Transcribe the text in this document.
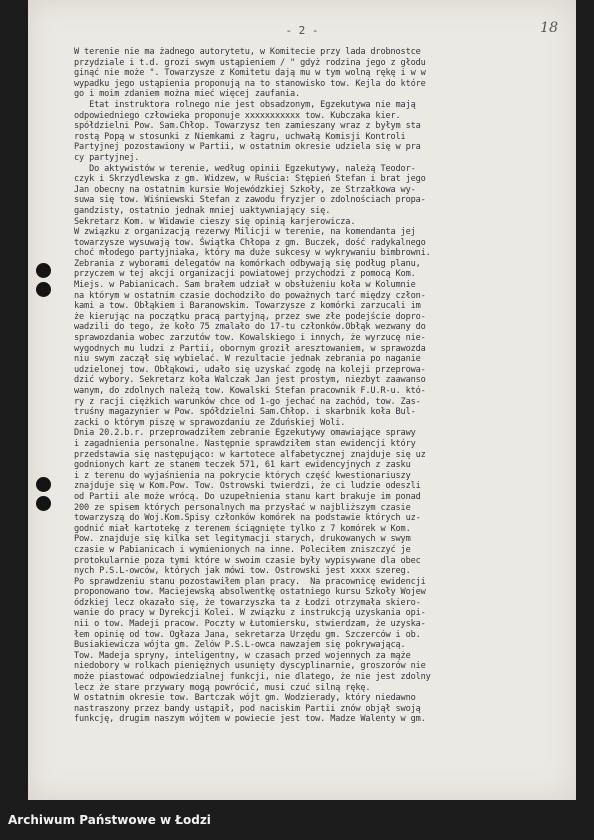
- 2 -	18
W terenie nie ma żadnego autorytetu, w Komitecie przy lada drobnostce
przydziale i t.d. grozi swym ustąpieniem / " gdyż rodzina jego z głodu
ginąć nie może ". Towarzysze z Komitetu dają mu w tym wolną rękę i w w
wypadku jego ustąpienia proponują na to stanowisko tow. Kejla do które
go i moim zdaniem można mieć więcej zaufania.
Etat instruktora rolnego nie jest obsadzonym, Egzekutywa nie mają
odpowiedniego człowieka proponuje xxxxxxxxxxx tow. Kubczaka kier.
spółdzielni Pow. Sam.Chłop. Towarzysz ten zamieszany wraz z byłym sta
rostą Popą w stosunki z Niemkami z łagru, uchwałą Komisji Kontroli
Partyjnej pozostawiony w Partii, w ostatnim okresie udziela się w pra
cy partyjnej.
Do aktywistów w terenie, według opinii Egzekutywy, należą Teodor-
czyk i Skrzydlewska z gm. Widzew, w Ruścia: Stępień Stefan i brat jego
Jan obecny na ostatnim kursie Wojewódzkiej Szkoły, ze Strzałkowa wy-
suwa się tow. Wiśniewski Stefan z zawodu fryzjer o zdolnościach propa-
gandzisty, ostatnio jednak mniej uaktywniający się.
Sekretarz Kom. w Widawie cieszy się opinią karjerowicza.
W związku z organizacją rezerwy Milicji w terenie, na komendanta jej
towarzysze wysuwają tow. Świątka Chłopa z gm. Buczek, dość radykalnego
choć młodego partyjniaka, który ma duże sukcesy w wykrywaniu bimbrowni.
Zebrania z wyborami delegatów na komórkach odbywają się podług planu,
przyczem w tej akcji organizacji powiatowej przychodzi z pomocą Kom.
Miejs. w Pabianicach. Sam brałem udział w obsłużeniu koła w Kolumnie
na którym w ostatnim czasie dochodziło do poważnych tarć między człon-
kami a tow. Obłąkiem i Baranowskim. Towarzysze z komórki zarzucali im
że kierując na początku pracą partyjną, przez swe złe podejście dopro-
wadzili do tego, że koło 75 zmalało do 17-tu członków.Obłąk wezwany do
sprawozdania wobec zarzutów tow. Kowalskiego i innych, że wyrzucę nie-
wygodnych mu ludzi z Partii, obornym groził aresztowaniem, w sprawozda
niu swym zaczął się wybielać. W rezultacie jednak zebrania po naganie
udzielonej tow. Obłąkowi, udało się uzyskać zgodę na koleji przeprowa-
dzić wybory. Sekretarz koła Walczak Jan jest prostym, niezbyt zaawanso
wanym, do zdolnych należą tow. Kowalski Stefan pracownik F.U.R-u. któ-
ry z racji ciężkich warunków chce od 1-go jechać na zachód, tow. Zas-
truśny magazynier w Pow. spółdzielni Sam.Chłop. i skarbnik koła Bul-
zacki o którym piszę w sprawozdaniu ze Zduńskiej Woli.
Dnia 20.2.b.r. przeprowadziłem zebranie Egzekutywy omawiające sprawy
i zagadnienia personalne. Następnie sprawdziłem stan ewidencji który
przedstawia się następująco: w kartotece alfabetycznej znajduje się uz
godnionych kart ze stanem teczek 571, 61 kart ewidencyjnych z zasku
i z terenu do wyjaśnienia na pokrycie których część kwestionariuszy
znajduje się w Kom.Pow. Tow. Ostrowski twierdzi, że ci ludzie odeszli
od Partii ale może wrócą. Do uzupełnienia stanu kart brakuje im ponad
200 ze spisem których personalnych ma przysłać w najbliższym czasie
towarzyszą do Woj.Kom.Spisy członków komórek na podstawie których uz-
godnić miał kartotekę z terenem ściągnięte tylko z 7 komórek w Kom.
Pow. znajduje się kilka set legitymacji starych, drukowanych w swym
czasie w Pabianicach i wymienionych na inne. Poleciłem zniszczyć je
protokularnie poza tymi które w swoim czasie były wypisywane dla obec
nych P.S.L-owców, których jak mówi tow. Ostrowski jest xxxx szereg.
Po sprawdzeniu stanu pozostawiłem plan pracy.  Na pracownicę ewidencji
proponowano tow. Maciejewską absolwentkę ostatniego kursu Szkoły Wojew
ódzkiej lecz okazało się, że towarzyszka ta z Łodzi otrzymała skiero-
wanie do pracy w Dyrekcji Kolei. W związku z instrukcją uzyskania opi-
nii o tow. Madeji pracow. Poczty w Łutomiersku, stwierdzam, że uzyska-
łem opinię od tow. Ogłaza Jana, sekretarza Urzędu gm. Szczerców i ob.
Busiakiewicza wójta gm. Zelów P.S.L-owca nawzajem się pokrywającą.
Tow. Madeja spryny, inteligentny, w czasach przed wojennych za mąże
niedobory w rolkach pieniężnych usunięty dyscyplinarnie, groszorów nie
może piastować odpowiedzialnej funkcji, nie dlatego, że nie jest zdolny
lecz że stare przywary mogą powrócić, musi czuć silną rękę.
W ostatnim okresie tow. Bartczak wójt gm. Wodzierady, który niedawno
nastraszony przez bandy ustąpił, pod naciskim Partii znów objął swoją
funkcję, drugim naszym wójtem w powiecie jest tow. Madze Walenty w gm.
Archiwum Państwowe w Łodzi
